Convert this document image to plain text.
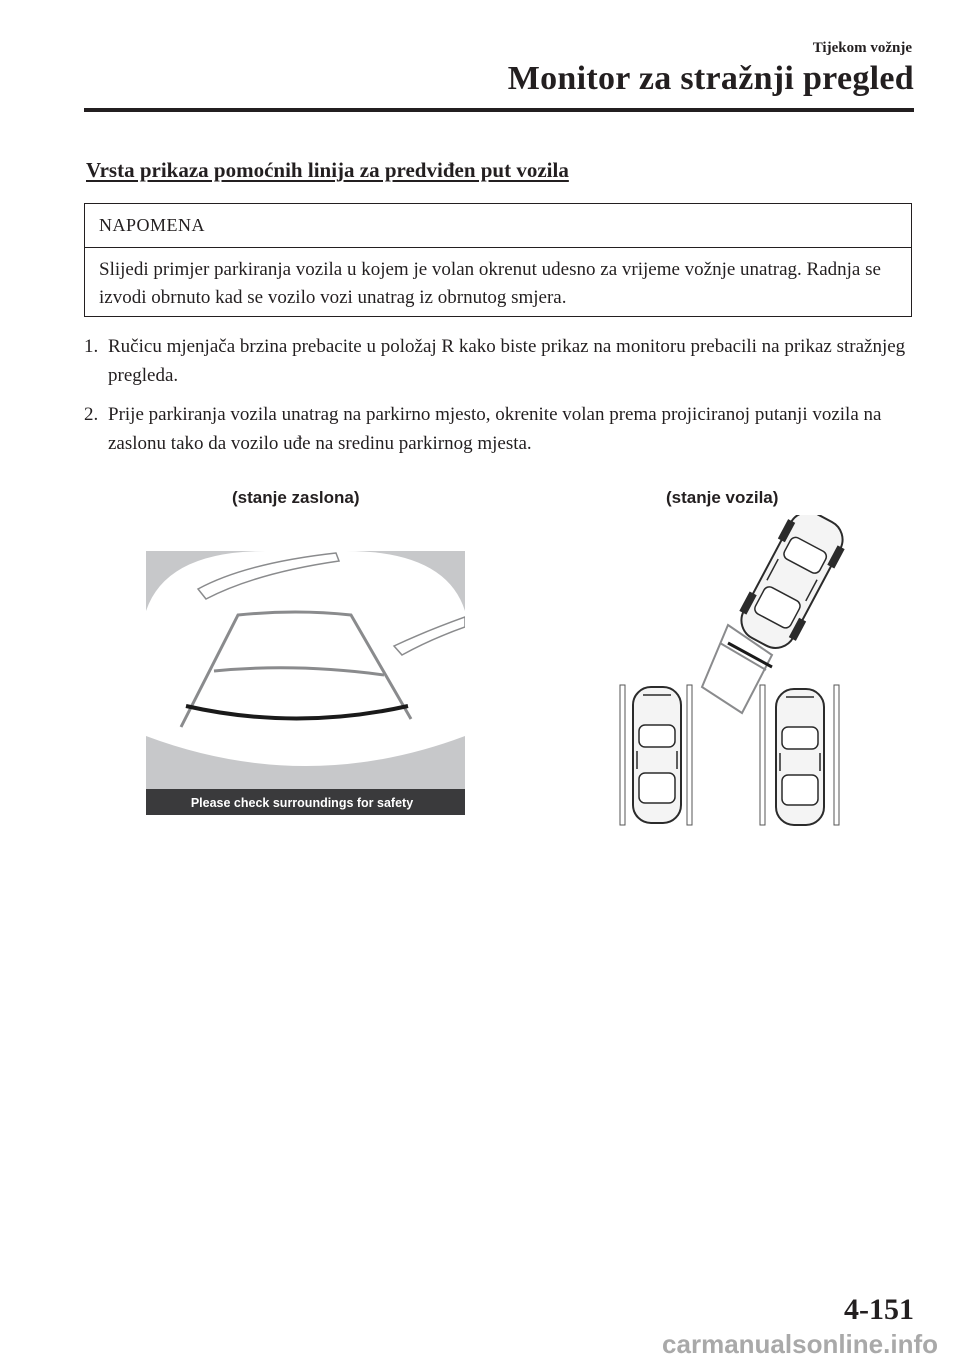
Tijekom vožnje
Monitor za stražnji pregled
Vrsta prikaza pomoćnih linija za predviđen put vozila
NAPOMENA
Slijedi primjer parkiranja vozila u kojem je volan okrenut udesno za vrijeme vožnje unatrag. Radnja se izvodi obrnuto kad se vozilo vozi unatrag iz obrnutog smjera.
1. Ručicu mjenjača brzina prebacite u položaj R kako biste prikaz na monitoru prebacili na prikaz stražnjeg pregleda.
2. Prije parkiranja vozila unatrag na parkirno mjesto, okrenite volan prema projiciranoj putanji vozila na zaslonu tako da vozilo uđe na sredinu parkirnog mjesta.
(stanje zaslona)	(stanje vozila)
Please check surroundings for safety
4-151
carmanualsonline.info
